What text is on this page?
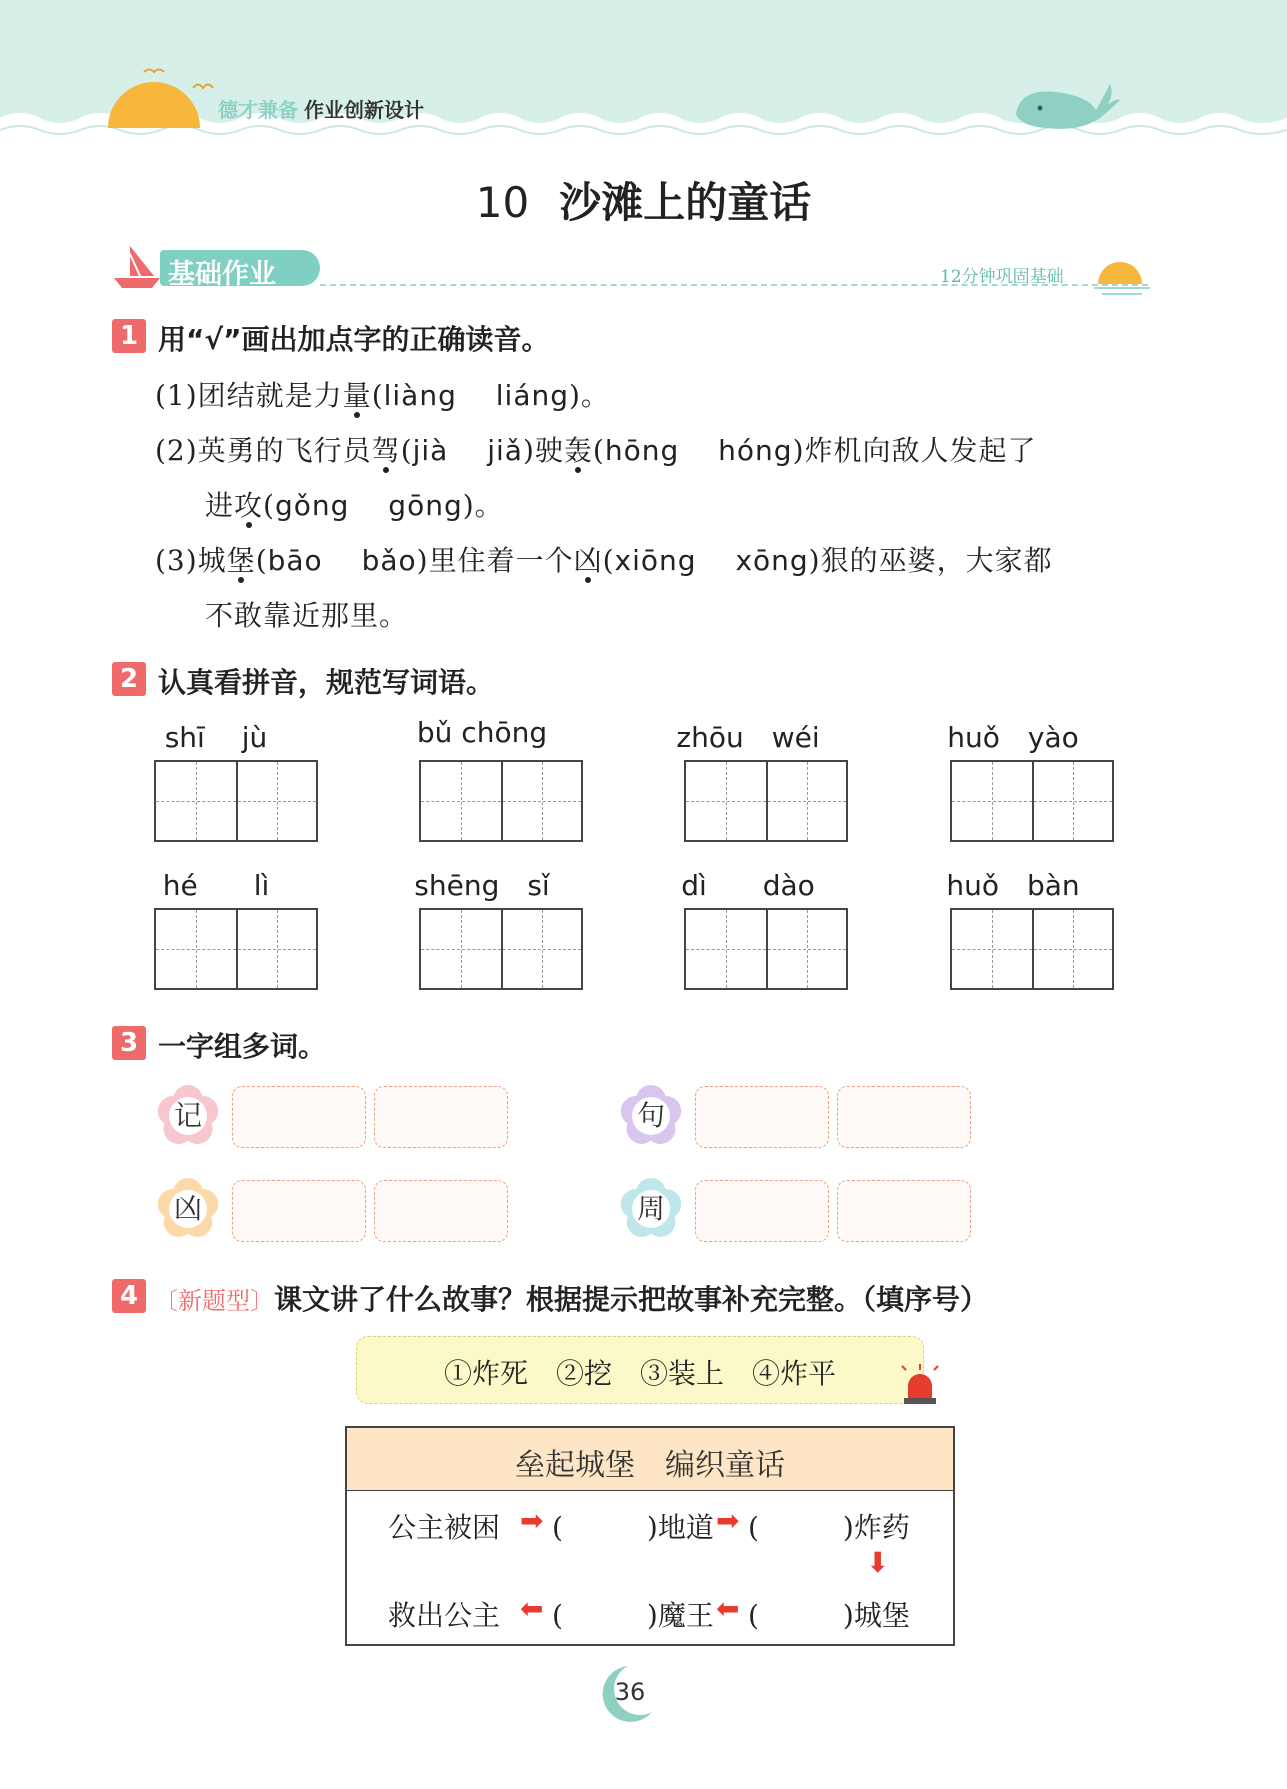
德才兼备 作业创新设计
10 沙滩上的童话
基础作业	12分钟巩固基础
1 用“√”画出加点字的正确读音。
(1)团结就是力量(liàng　 liáng)。
(2)英勇的飞行员驾(jià　 jiǎ)驶轰(hōng　 hóng)炸机向敌人发起了
进攻(gǒng　 gōng)。
(3)城堡(bāo　 bǎo)里住着一个凶(xiōng　 xōng)狠的巫婆，大家都
不敢靠近那里。
2 认真看拼音，规范写词语。
shī　 jù	bǔ chōng	zhōu　wéi	huǒ　yào
hé　　lì	shēng　sǐ	dì　　dào	huǒ　bàn
3 一字组多词。
记	句
凶	周
4 〔新题型〕课文讲了什么故事？根据提示把故事补充完整。（填序号）
①炸死　②挖　③装上　④炸平
垒起城堡　编织童话
公主被困 ➡ (　　　)地道 ➡ (　　　)炸药
⬇
救出公主 ⬅ (　　　)魔王 ⬅ (　　　)城堡
36
